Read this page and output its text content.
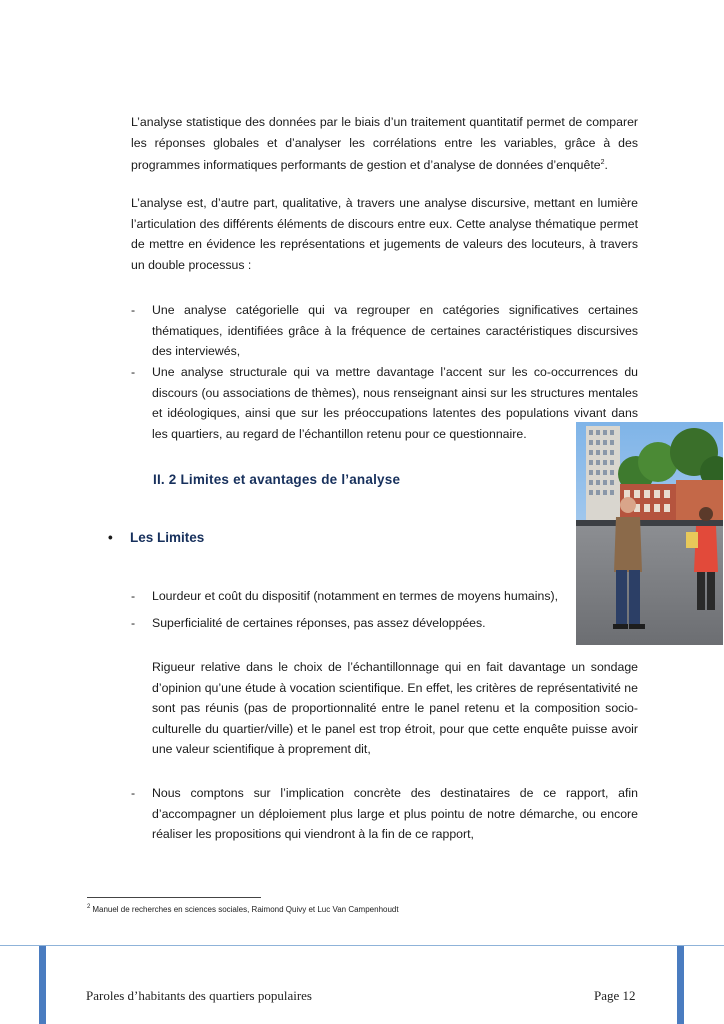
L’analyse statistique des données par le biais d’un traitement quantitatif permet de comparer les réponses globales et d’analyser les corrélations entre les variables, grâce à des programmes informatiques performants de gestion et d’analyse de données d’enquête$^2$.

L’analyse est, d’autre part, qualitative, à travers une analyse discursive, mettant en lumière l’articulation des différents éléments de discours entre eux. Cette analyse thématique permet de mettre en évidence les représentations et jugements de valeurs des locuteurs, à travers un double processus :

-	Une analyse catégorielle qui va regrouper en catégories significatives certaines thématiques, identifiées grâce à la fréquence de certaines caractéristiques discursives des interviewés,
-	Une analyse structurale qui va mettre davantage l’accent sur les co-occurrences du discours (ou associations de thèmes), nous renseignant ainsi sur les structures mentales et idéologiques, ainsi que sur les préoccupations latentes des populations vivant dans les quartiers, au regard de l’échantillon retenu pour ce questionnaire.
II. 2 Limites et avantages de l’analyse
• Les Limites
-	Lourdeur et coût du dispositif (notamment en termes de moyens humains),
-	Superficialité de certaines réponses, pas assez développées.

Rigueur relative dans le choix de l’échantillonnage qui en fait davantage un sondage d’opinion qu’une étude à vocation scientifique. En effet, les critères de représentativité ne sont pas réunis (pas de proportionnalité entre le panel retenu et la composition socio-culturelle du quartier/ville) et le panel est trop étroit, pour que cette enquête puisse avoir une valeur scientifique à proprement dit,

-	Nous comptons sur l’implication concrète des destinataires de ce rapport, afin d’accompagner un déploiement plus large et plus pointu de notre démarche, ou encore réaliser les propositions qui viendront à la fin de ce rapport,
$^2$ Manuel de recherches en sciences sociales, Raimond Quivy et Luc Van Campenhoudt
Paroles d’habitants des quartiers populaires	Page 12
